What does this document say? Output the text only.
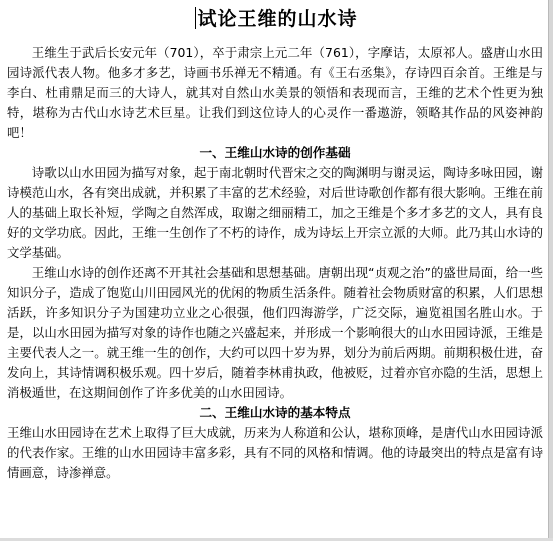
试论王维的山水诗

王维生于武后长安元年（701），卒于肃宗上元二年（761），字摩诘，太原祁人。盛唐山水田园诗派代表人物。他多才多艺，诗画书乐禅无不精通。有《王右丞集》，存诗四百余首。王维是与李白、杜甫鼎足而三的大诗人，就其对自然山水美景的领悟和表现而言，王维的艺术个性更为独特，堪称为古代山水诗艺术巨星。让我们到这位诗人的心灵作一番遨游，领略其作品的风姿神韵吧！

一、王维山水诗的创作基础

诗歌以山水田园为描写对象，起于南北朝时代晋宋之交的陶渊明与谢灵运，陶诗多咏田园，谢诗模范山水，各有突出成就，并积累了丰富的艺术经验，对后世诗歌创作都有很大影响。王维在前人的基础上取长补短，学陶之自然浑成，取谢之细丽精工，加之王维是个多才多艺的文人，具有良好的文学功底。因此，王维一生创作了不朽的诗作，成为诗坛上开宗立派的大师。此乃其山水诗的文学基础。

王维山水诗的创作还离不开其社会基础和思想基础。唐朝出现“贞观之治”的盛世局面，给一些知识分子，造成了饱览山川田园风光的优闲的物质生活条件。随着社会物质财富的积累，人们思想活跃，许多知识分子为国建功立业之心很强，他们四海游学，广泛交际，遍览祖国名胜山水。于是，以山水田园为描写对象的诗作也随之兴盛起来，并形成一个影响很大的山水田园诗派，王维是主要代表人之一。就王维一生的创作，大约可以四十岁为界，划分为前后两期。前期积极仕进，奋发向上，其诗情调积极乐观。四十岁后，随着李林甫执政，他被贬，过着亦官亦隐的生活，思想上消极遁世，在这期间创作了许多优美的山水田园诗。

二、王维山水诗的基本特点

王维山水田园诗在艺术上取得了巨大成就，历来为人称道和公认，堪称顶峰，是唐代山水田园诗派的代表作家。王维的山水田园诗丰富多彩，具有不同的风格和情调。他的诗最突出的特点是富有诗情画意，诗渗禅意。
